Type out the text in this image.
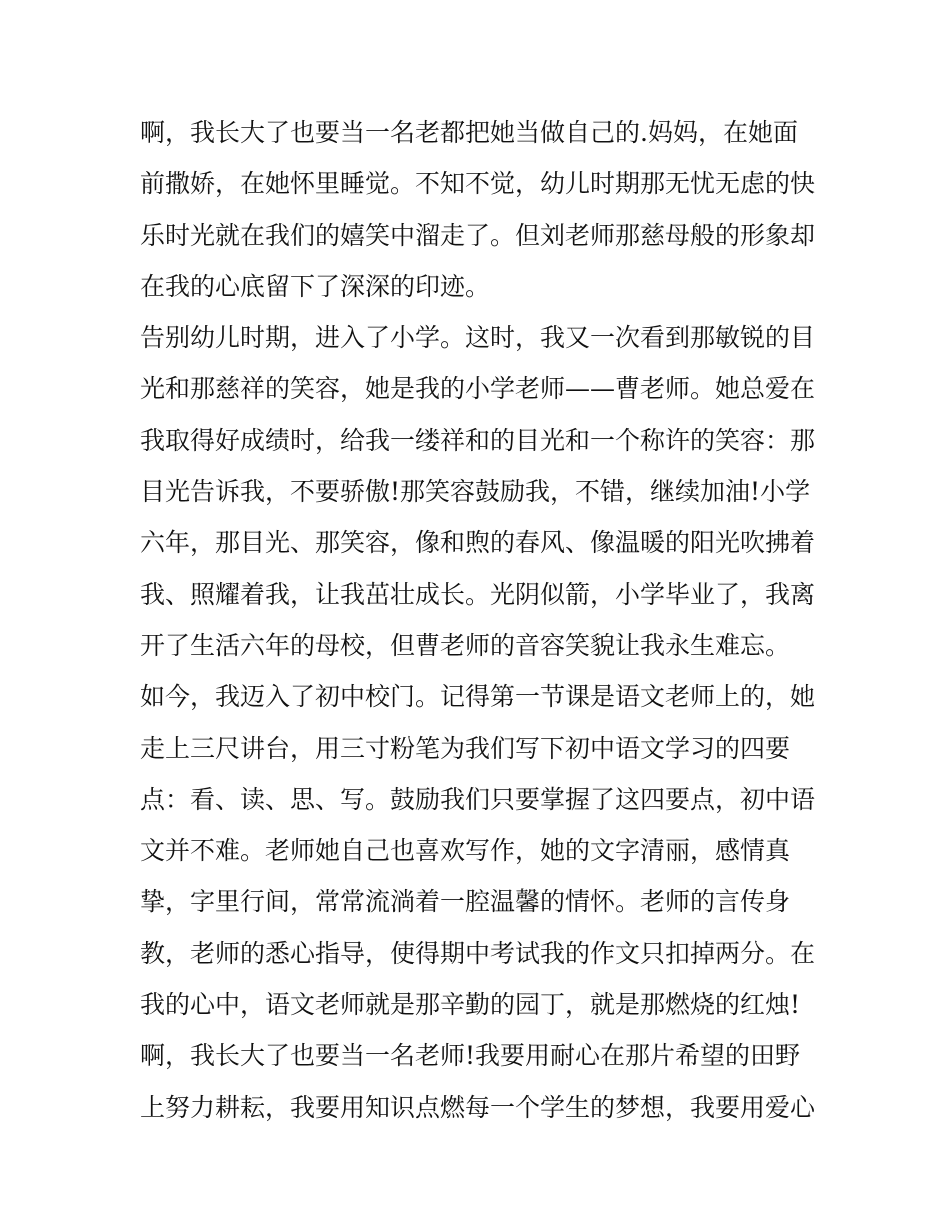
啊，我长大了也要当一名老都把她当做自己的.妈妈，在她面
前撒娇，在她怀里睡觉。不知不觉，幼儿时期那无忧无虑的快
乐时光就在我们的嬉笑中溜走了。但刘老师那慈母般的形象却
在我的心底留下了深深的印迹。
告别幼儿时期，进入了小学。这时，我又一次看到那敏锐的目
光和那慈祥的笑容，她是我的小学老师——曹老师。她总爱在
我取得好成绩时，给我一缕祥和的目光和一个称许的笑容：那
目光告诉我，不要骄傲!那笑容鼓励我，不错，继续加油!小学
六年，那目光、那笑容，像和煦的春风、像温暖的阳光吹拂着
我、照耀着我，让我茁壮成长。光阴似箭，小学毕业了，我离
开了生活六年的母校，但曹老师的音容笑貌让我永生难忘。
如今，我迈入了初中校门。记得第一节课是语文老师上的，她
走上三尺讲台，用三寸粉笔为我们写下初中语文学习的四要
点：看、读、思、写。鼓励我们只要掌握了这四要点，初中语
文并不难。老师她自己也喜欢写作，她的文字清丽，感情真
挚，字里行间，常常流淌着一腔温馨的情怀。老师的言传身
教，老师的悉心指导，使得期中考试我的作文只扣掉两分。在
我的心中，语文老师就是那辛勤的园丁，就是那燃烧的红烛!
啊，我长大了也要当一名老师!我要用耐心在那片希望的田野
上努力耕耘，我要用知识点燃每一个学生的梦想，我要用爱心
